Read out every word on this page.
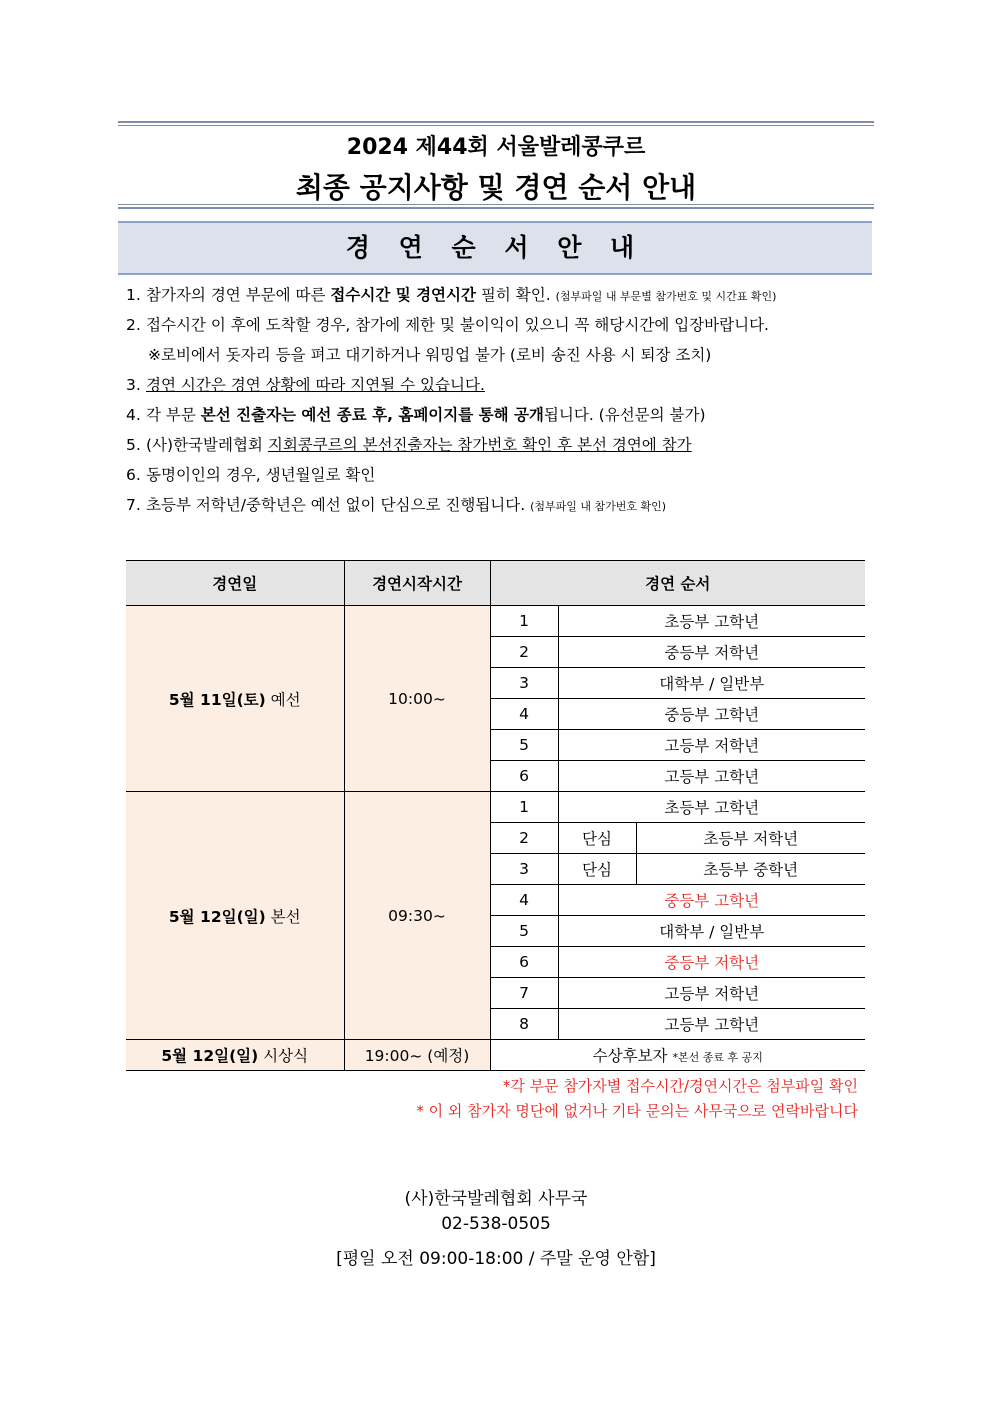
2024 제44회 서울발레콩쿠르
최종 공지사항 및 경연 순서 안내
경 연 순 서 안 내
1. 참가자의 경연 부문에 따른 접수시간 및 경연시간 필히 확인. (첨부파일 내 부문별 참가번호 및 시간표 확인)
2. 접수시간 이 후에 도착할 경우, 참가에 제한 및 불이익이 있으니 꼭 해당시간에 입장바랍니다.
※로비에서 돗자리 등을 펴고 대기하거나 워밍업 불가 (로비 송진 사용 시 퇴장 조치)
3. 경연 시간은 경연 상황에 따라 지연될 수 있습니다.
4. 각 부문 본선 진출자는 예선 종료 후, 홈페이지를 통해 공개됩니다. (유선문의 불가)
5. (사)한국발레협회 지회콩쿠르의 본선진출자는 참가번호 확인 후 본선 경연에 참가
6. 동명이인의 경우, 생년월일로 확인
7. 초등부 저학년/중학년은 예선 없이 단심으로 진행됩니다. (첨부파일 내 참가번호 확인)
경연일	경연시작시간	경연 순서		
5월 11일(토) 예선	10:00~	1	초등부 고학년	
		2	중등부 저학년	
		3	대학부 / 일반부	
		4	중등부 고학년	
		5	고등부 저학년	
		6	고등부 고학년	
5월 12일(일) 본선	09:30~	1	초등부 고학년	
		2	단심	초등부 저학년
		3	단심	초등부 중학년
		4	중등부 고학년	
		5	대학부 / 일반부	
		6	중등부 저학년	
		7	고등부 저학년	
		8	고등부 고학년	
5월 12일(일) 시상식	19:00~ (예정)	수상후보자 *본선 종료 후 공지		
*각 부문 참가자별 접수시간/경연시간은 첨부파일 확인
* 이 외 참가자 명단에 없거나 기타 문의는 사무국으로 연락바랍니다
(사)한국발레협회 사무국
02-538-0505
[평일 오전 09:00-18:00 / 주말 운영 안함]
